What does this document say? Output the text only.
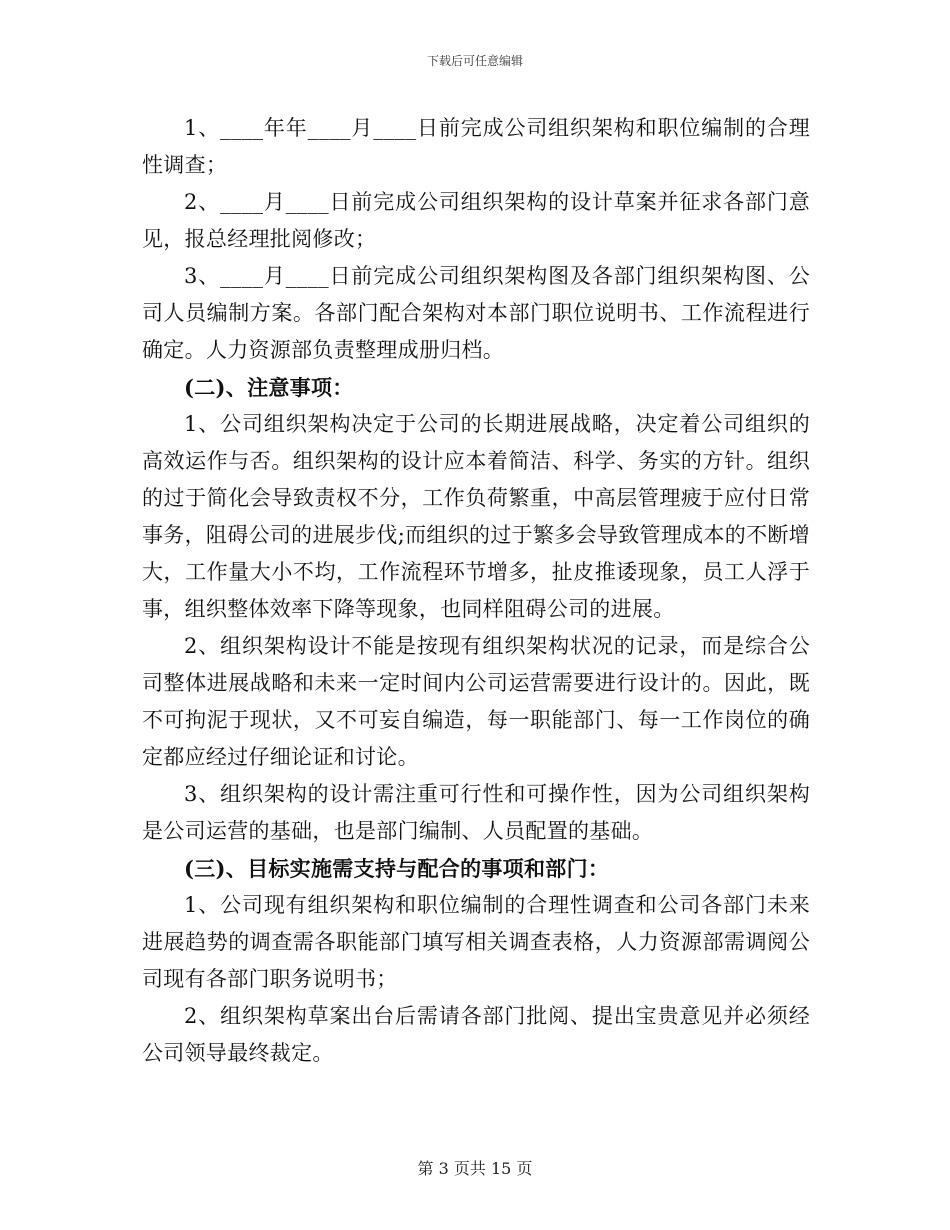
下载后可任意编辑

1、____年年____月____日前完成公司组织架构和职位编制的合理性调查；

2、____月____日前完成公司组织架构的设计草案并征求各部门意见，报总经理批阅修改；

3、____月____日前完成公司组织架构图及各部门组织架构图、公司人员编制方案。各部门配合架构对本部门职位说明书、工作流程进行确定。人力资源部负责整理成册归档。

(二)、注意事项：

1、公司组织架构决定于公司的长期进展战略，决定着公司组织的高效运作与否。组织架构的设计应本着简洁、科学、务实的方针。组织的过于简化会导致责权不分，工作负荷繁重，中高层管理疲于应付日常事务，阻碍公司的进展步伐;而组织的过于繁多会导致管理成本的不断增大，工作量大小不均，工作流程环节增多，扯皮推诿现象，员工人浮于事，组织整体效率下降等现象，也同样阻碍公司的进展。

2、组织架构设计不能是按现有组织架构状况的记录，而是综合公司整体进展战略和未来一定时间内公司运营需要进行设计的。因此，既不可拘泥于现状，又不可妄自编造，每一职能部门、每一工作岗位的确定都应经过仔细论证和讨论。

3、组织架构的设计需注重可行性和可操作性，因为公司组织架构是公司运营的基础，也是部门编制、人员配置的基础。

(三)、目标实施需支持与配合的事项和部门：

1、公司现有组织架构和职位编制的合理性调查和公司各部门未来进展趋势的调查需各职能部门填写相关调查表格，人力资源部需调阅公司现有各部门职务说明书；

2、组织架构草案出台后需请各部门批阅、提出宝贵意见并必须经公司领导最终裁定。

第 3 页共 15 页
